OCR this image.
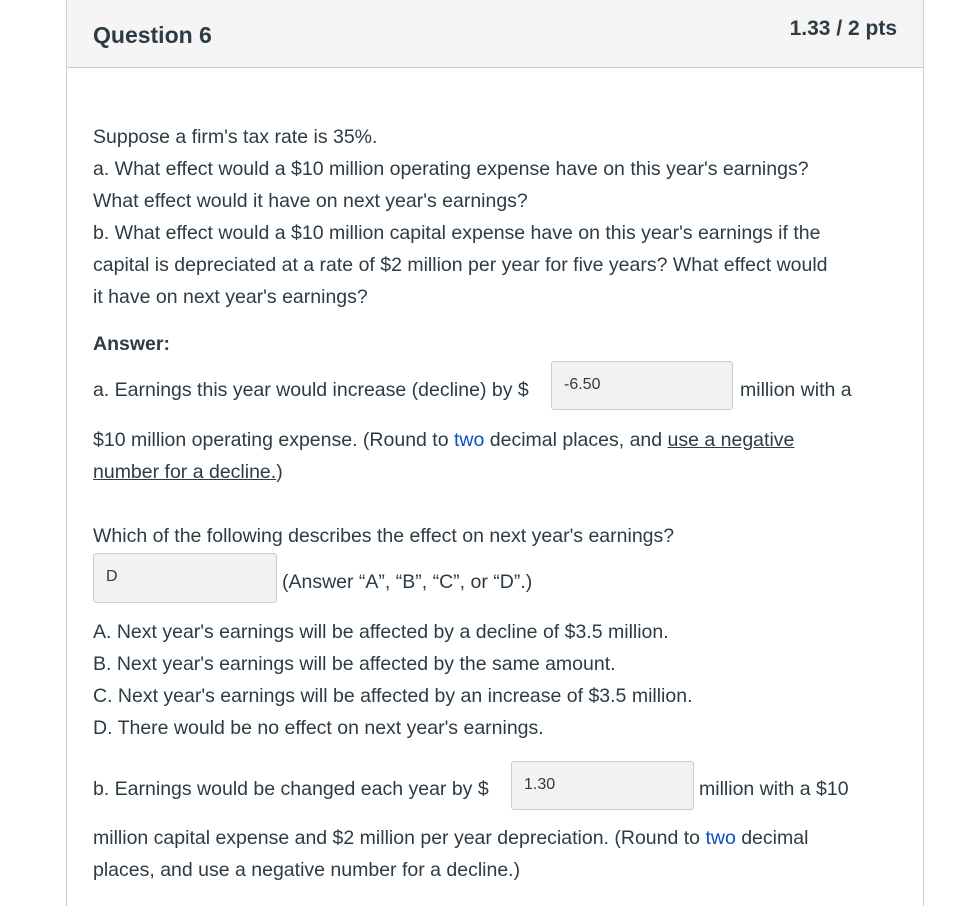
Question 6	1.33 / 2 pts
Suppose a firm's tax rate is 35%.
a. What effect would a $10 million operating expense have on this year's earnings?
What effect would it have on next year's earnings?
b. What effect would a $10 million capital expense have on this year's earnings if the
capital is depreciated at a rate of $2 million per year for five years? What effect would
it have on next year's earnings?
Answer:
a. Earnings this year would increase (decline) by $	-6.50	million with a
$10 million operating expense. (Round to two decimal places, and use a negative
number for a decline.)
Which of the following describes the effect on next year's earnings?
D	(Answer “A”, “B”, “C”, or “D”.)
A. Next year's earnings will be affected by a decline of $3.5 million.
B. Next year's earnings will be affected by the same amount.
C. Next year's earnings will be affected by an increase of $3.5 million.
D. There would be no effect on next year's earnings.
b. Earnings would be changed each year by $	1.30	million with a $10
million capital expense and $2 million per year depreciation. (Round to two decimal
places, and use a negative number for a decline.)
